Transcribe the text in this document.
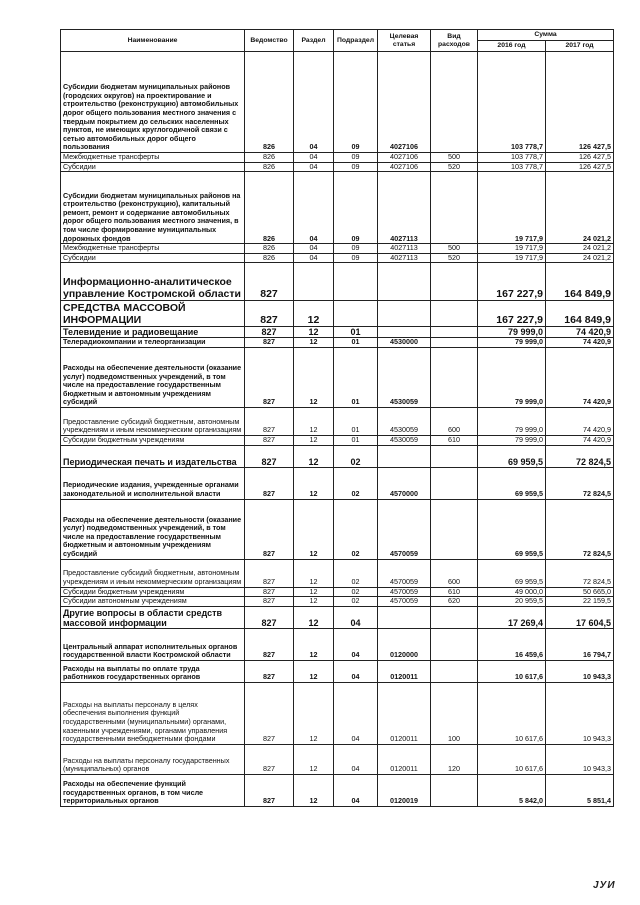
Наименование	Ведомство	Раздел	Подраздел	Целевая статья	Вид расходов	Сумма	
						2016 год	2017 год
Субсидии бюджетам муниципальных районов (городских округов) на проектирование и строительство (реконструкцию) автомобильных дорог общего пользования местного значения с твердым покрытием до сельских населенных пунктов, не имеющих круглогодичной связи с сетью автомобильных дорог общего пользования	826	04	09	4027106		103 778,7	126 427,5
Межбюджетные трансферты	826	04	09	4027106	500	103 778,7	126 427,5
Субсидии	826	04	09	4027106	520	103 778,7	126 427,5
Субсидии бюджетам муниципальных районов на строительство (реконструкцию), капитальный ремонт, ремонт и содержание автомобильных дорог общего пользования местного значения, в том числе формирование муниципальных дорожных фондов	826	04	09	4027113		19 717,9	24 021,2
Межбюджетные трансферты	826	04	09	4027113	500	19 717,9	24 021,2
Субсидии	826	04	09	4027113	520	19 717,9	24 021,2
Информационно-аналитическое управление Костромской области	827					167 227,9	164 849,9
СРЕДСТВА МАССОВОЙ ИНФОРМАЦИИ	827	12				167 227,9	164 849,9
Телевидение и радиовещание	827	12	01			79 999,0	74 420,9
Телерадиокомпании и телеорганизации	827	12	01	4530000		79 999,0	74 420,9
Расходы на обеспечение деятельности (оказание услуг) подведомственных учреждений, в том числе на предоставление государственным бюджетным и автономным учреждениям субсидий	827	12	01	4530059		79 999,0	74 420,9
Предоставление субсидий бюджетным, автономным учреждениям и иным некоммерческим организациям	827	12	01	4530059	600	79 999,0	74 420,9
Субсидии бюджетным учреждениям	827	12	01	4530059	610	79 999,0	74 420,9
Периодическая печать и издательства	827	12	02			69 959,5	72 824,5
Периодические издания, учрежденные органами законодательной и исполнительной власти	827	12	02	4570000		69 959,5	72 824,5
Расходы на обеспечение деятельности (оказание услуг) подведомственных учреждений, в том числе на предоставление государственным бюджетным и автономным учреждениям субсидий	827	12	02	4570059		69 959,5	72 824,5
Предоставление субсидий бюджетным, автономным учреждениям и иным некоммерческим организациям	827	12	02	4570059	600	69 959,5	72 824,5
Субсидии бюджетным учреждениям	827	12	02	4570059	610	49 000,0	50 665,0
Субсидии автономным учреждениям	827	12	02	4570059	620	20 959,5	22 159,5
Другие вопросы в области средств массовой информации	827	12	04			17 269,4	17 604,5
Центральный аппарат исполнительных органов государственной власти Костромской области	827	12	04	0120000		16 459,6	16 794,7
Расходы на выплаты по оплате труда работников государственных органов	827	12	04	0120011		10 617,6	10 943,3
Расходы на выплаты персоналу в целях обеспечения выполнения функций государственными (муниципальными) органами, казенными учреждениями, органами управления государственными внебюджетными фондами	827	12	04	0120011	100	10 617,6	10 943,3
Расходы на выплаты персоналу государственных (муниципальных) органов	827	12	04	0120011	120	10 617,6	10 943,3
Расходы на обеспечение функций государственных органов, в том числе территориальных органов	827	12	04	0120019		5 842,0	5 851,4
ЈУИ
